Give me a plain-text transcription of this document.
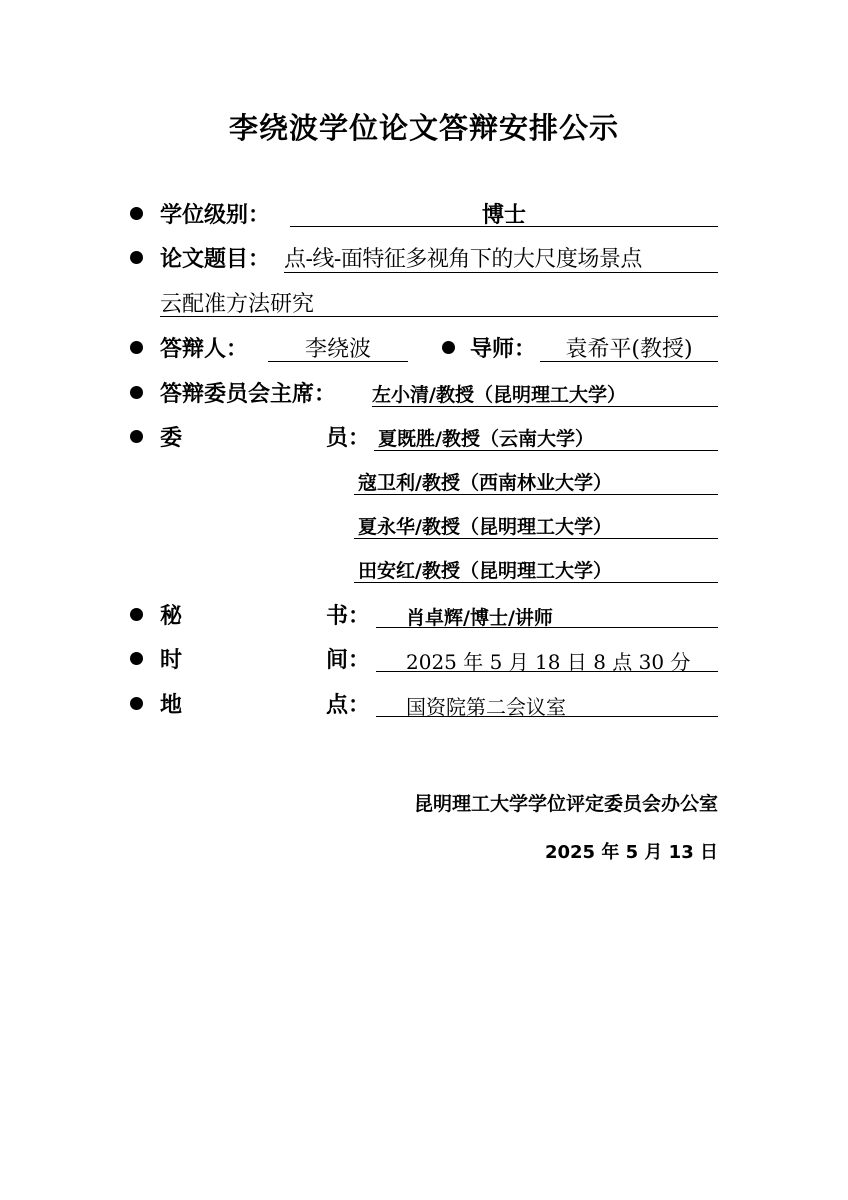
李绕波学位论文答辩安排公示
学位级别：	博士
论文题目： 点-线-面特征多视角下的大尺度场景点
云配准方法研究
答辩人：	李绕波	导师：	袁希平(教授)
答辩委员会主席： 左小清/教授（昆明理工大学）
委	员： 夏既胜/教授（云南大学）
寇卫利/教授（西南林业大学）
夏永华/教授（昆明理工大学）
田安红/教授（昆明理工大学）
秘	书： 肖卓辉/博士/讲师
时	间： 2025 年 5 月 18 日 8 点 30 分
地	点： 国资院第二会议室
昆明理工大学学位评定委员会办公室
2025 年 5 月 13 日
